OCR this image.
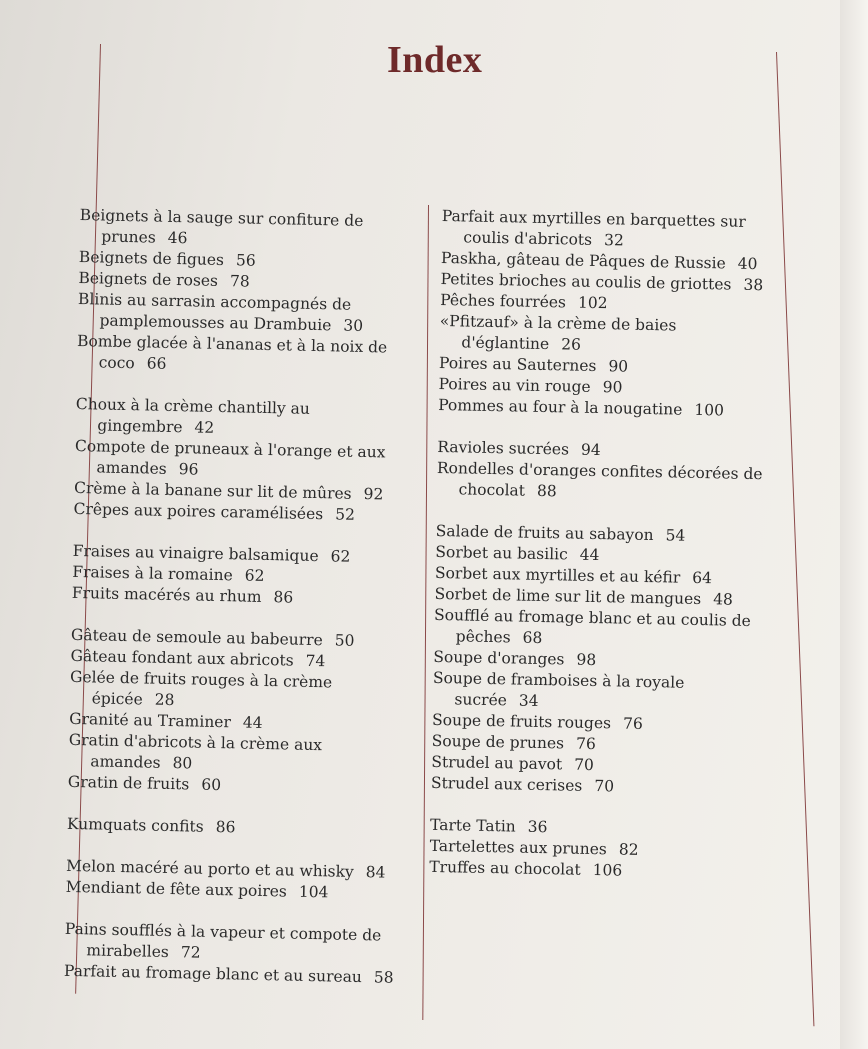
Index
Beignets à la sauge sur confiture de prunes 46
Beignets de figues 56
Beignets de roses 78
Blinis au sarrasin accompagnés de pamplemousses au Drambuie 30
Bombe glacée à l'ananas et à la noix de coco 66
Choux à la crème chantilly au gingembre 42
Compote de pruneaux à l'orange et aux amandes 96
Crème à la banane sur lit de mûres 92
Crêpes aux poires caramélisées 52
Fraises au vinaigre balsamique 62
Fraises à la romaine 62
Fruits macérés au rhum 86
Gâteau de semoule au babeurre 50
Gâteau fondant aux abricots 74
Gelée de fruits rouges à la crème épicée 28
Granité au Traminer 44
Gratin d'abricots à la crème aux amandes 80
Gratin de fruits 60
Kumquats confits 86
Melon macéré au porto et au whisky 84
Mendiant de fête aux poires 104
Pains soufflés à la vapeur et compote de mirabelles 72
Parfait au fromage blanc et au sureau 58
Parfait aux myrtilles en barquettes sur coulis d'abricots 32
Paskha, gâteau de Pâques de Russie 40
Petites brioches au coulis de griottes 38
Pêches fourrées 102
«Pfitzauf» à la crème de baies d'églantine 26
Poires au Sauternes 90
Poires au vin rouge 90
Pommes au four à la nougatine 100
Ravioles sucrées 94
Rondelles d'oranges confites décorées de chocolat 88
Salade de fruits au sabayon 54
Sorbet au basilic 44
Sorbet aux myrtilles et au kéfir 64
Sorbet de lime sur lit de mangues 48
Soufflé au fromage blanc et au coulis de pêches 68
Soupe d'oranges 98
Soupe de framboises à la royale sucrée 34
Soupe de fruits rouges 76
Soupe de prunes 76
Strudel au pavot 70
Strudel aux cerises 70
Tarte Tatin 36
Tartelettes aux prunes 82
Truffes au chocolat 106
